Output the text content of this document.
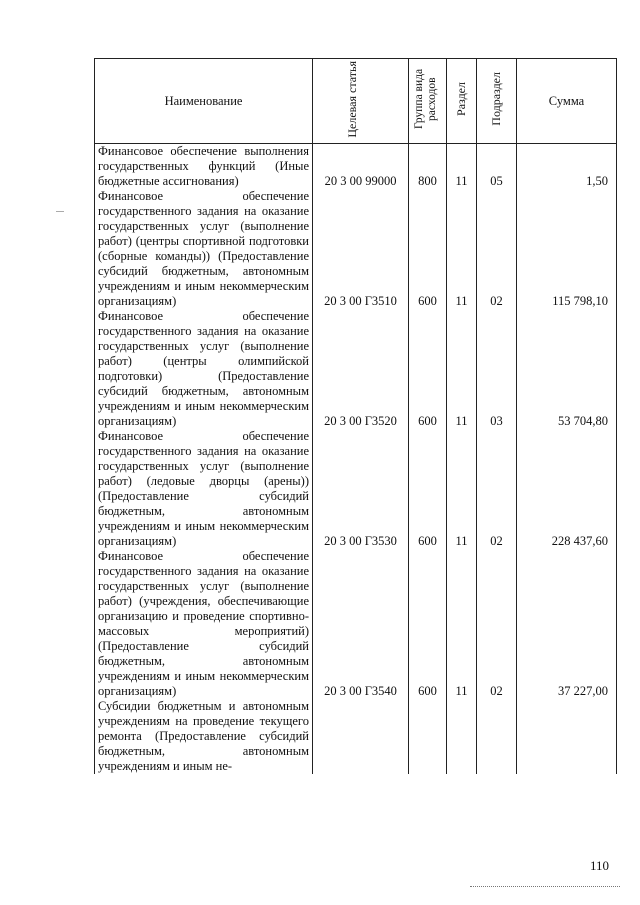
Наименование	Целевая статья	Группа вида расходов	Раздел	Подраздел	Сумма
Финансовое обеспечение выполнения государственных функций (Иные бюджетные ассигнования)	20 3 00 99000	800	11	05	1,50
Финансовое обеспечение государственного задания на оказание государственных услуг (выполнение работ) (центры спортивной подготовки (сборные команды)) (Предоставление субсидий бюджетным, автономным учреждениям и иным некоммерческим организациям)	20 3 00 Г3510	600	11	02	115 798,10
Финансовое обеспечение государственного задания на оказание государственных услуг (выполнение работ) (центры олимпийской подготовки) (Предоставление субсидий бюджетным, автономным учреждениям и иным некоммерческим организациям)	20 3 00 Г3520	600	11	03	53 704,80
Финансовое обеспечение государственного задания на оказание государственных услуг (выполнение работ) (ледовые дворцы (арены)) (Предоставление субсидий бюджетным, автономным учреждениям и иным некоммерческим организациям)	20 3 00 Г3530	600	11	02	228 437,60
Финансовое обеспечение государственного задания на оказание государственных услуг (выполнение работ) (учреждения, обеспечивающие организацию и проведение спортивно-массовых мероприятий) (Предоставление субсидий бюджетным, автономным учреждениям и иным некоммерческим организациям)	20 3 00 Г3540	600	11	02	37 227,00
Субсидии бюджетным и автономным учреждениям на проведение текущего ремонта (Предоставление субсидий бюджетным, автономным учреждениям и иным не-					
110
